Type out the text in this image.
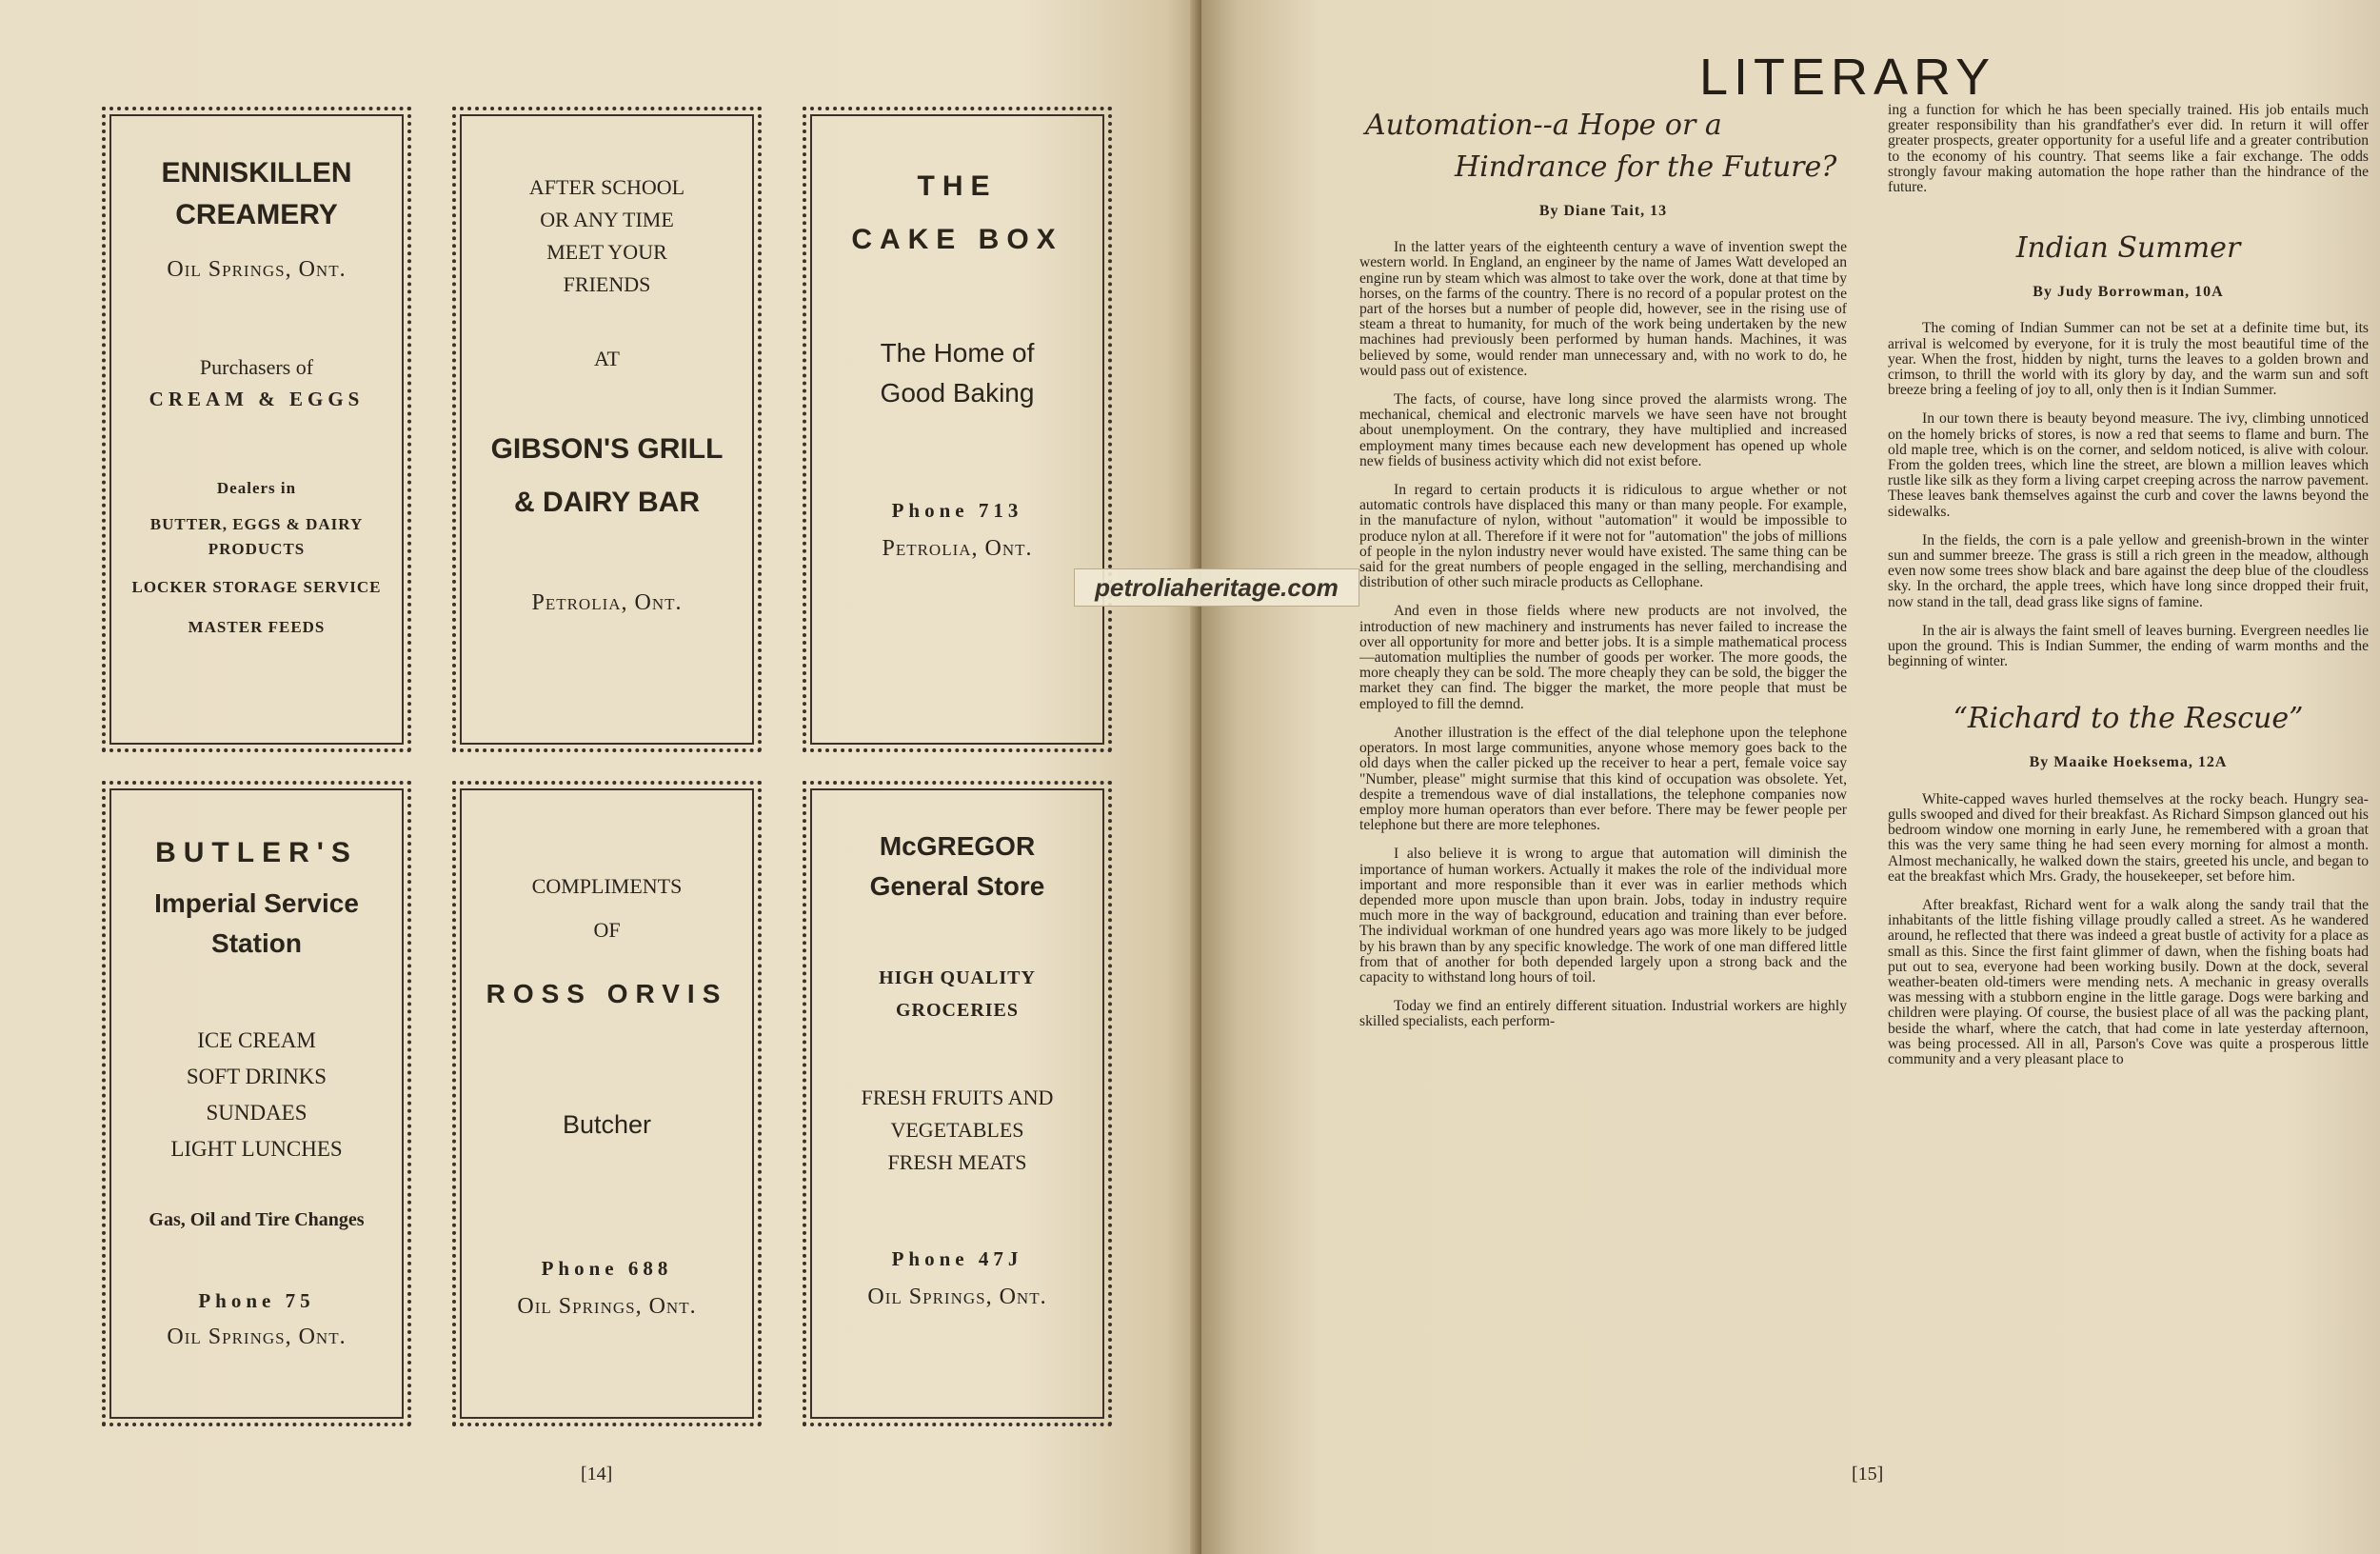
ENNISKILLEN
CREAMERY
Oil Springs, Ont.
Purchasers of
CREAM & EGGS
Dealers in
BUTTER, EGGS & DAIRY PRODUCTS
LOCKER STORAGE SERVICE
MASTER FEEDS
AFTER SCHOOL
OR ANY TIME
MEET YOUR
FRIENDS
AT
GIBSON'S GRILL
& DAIRY BAR
Petrolia, Ont.
THE
CAKE BOX
The Home of
Good Baking
Phone 713
Petrolia, Ont.
BUTLER'S
Imperial Service
Station
ICE CREAM
SOFT DRINKS
SUNDAES
LIGHT LUNCHES
Gas, Oil and Tire Changes
Phone 75
Oil Springs, Ont.
COMPLIMENTS
OF
ROSS ORVIS
Butcher
Phone 688
Oil Springs, Ont.
McGREGOR
General Store
HIGH QUALITY
GROCERIES
FRESH FRUITS AND
VEGETABLES
FRESH MEATS
Phone 47J
Oil Springs, Ont.
[14]	[15]
LITERARY
Automation--a Hope or a
Hindrance for the Future?
By Diane Tait, 13

In the latter years of the eighteenth century a wave of invention swept the western world. In England, an engineer by the name of James Watt developed an engine run by steam which was almost to take over the work, done at that time by horses, on the farms of the country. There is no record of a popular protest on the part of the horses but a number of people did, however, see in the rising use of steam a threat to humanity, for much of the work being undertaken by the new machines had previously been performed by human hands. Machines, it was believed by some, would render man unnecessary and, with no work to do, he would pass out of existence.

The facts, of course, have long since proved the alarmists wrong. The mechanical, chemical and electronic marvels we have seen have not brought about unemployment. On the contrary, they have multiplied and increased employment many times because each new development has opened up whole new fields of business activity which did not exist before.

In regard to certain products it is ridiculous to argue whether or not automatic controls have displaced this many or than many people. For example, in the manufacture of nylon, without "automation" it would be impossible to produce nylon at all. Therefore if it were not for "automation" the jobs of millions of people in the nylon industry never would have existed. The same thing can be said for the great numbers of people engaged in the selling, merchandising and distribution of other such miracle products as Cellophane.

And even in those fields where new products are not involved, the introduction of new machinery and instruments has never failed to increase the over all opportunity for more and better jobs. It is a simple mathematical process—automation multiplies the number of goods per worker. The more goods, the more cheaply they can be sold. The more cheaply they can be sold, the bigger the market they can find. The bigger the market, the more people that must be employed to fill the demnd.

Another illustration is the effect of the dial telephone upon the telephone operators. In most large communities, anyone whose memory goes back to the old days when the caller picked up the receiver to hear a pert, female voice say "Number, please" might surmise that this kind of occupation was obsolete. Yet, despite a tremendous wave of dial installations, the telephone companies now employ more human operators than ever before. There may be fewer people per telephone but there are more telephones.

I also believe it is wrong to argue that automation will diminish the importance of human workers. Actually it makes the role of the individual more important and more responsible than it ever was in earlier methods which depended more upon muscle than upon brain. Jobs, today in industry require much more in the way of background, education and training than ever before. The individual workman of one hundred years ago was more likely to be judged by his brawn than by any specific knowledge. The work of one man differed little from that of another for both depended largely upon a strong back and the capacity to withstand long hours of toil.

Today we find an entirely different situation. Industrial workers are highly skilled specialists, each perform-

ing a function for which he has been specially trained. His job entails much greater responsibility than his grandfather's ever did. In return it will offer greater prospects, greater opportunity for a useful life and a greater contribution to the economy of his country. That seems like a fair exchange. The odds strongly favour making automation the hope rather than the hindrance of the future.

Indian Summer
By Judy Borrowman, 10A

The coming of Indian Summer can not be set at a definite time but, its arrival is welcomed by everyone, for it is truly the most beautiful time of the year. When the frost, hidden by night, turns the leaves to a golden brown and crimson, to thrill the world with its glory by day, and the warm sun and soft breeze bring a feeling of joy to all, only then is it Indian Summer.

In our town there is beauty beyond measure. The ivy, climbing unnoticed on the homely bricks of stores, is now a red that seems to flame and burn. The old maple tree, which is on the corner, and seldom noticed, is alive with colour. From the golden trees, which line the street, are blown a million leaves which rustle like silk as they form a living carpet creeping across the narrow pavement. These leaves bank themselves against the curb and cover the lawns beyond the sidewalks.

In the fields, the corn is a pale yellow and greenish-brown in the winter sun and summer breeze. The grass is still a rich green in the meadow, although even now some trees show black and bare against the deep blue of the cloudless sky. In the orchard, the apple trees, which have long since dropped their fruit, now stand in the tall, dead grass like signs of famine.

In the air is always the faint smell of leaves burning. Evergreen needles lie upon the ground. This is Indian Summer, the ending of warm months and the beginning of winter.

“Richard to the Rescue”
By Maaike Hoeksema, 12A

White-capped waves hurled themselves at the rocky beach. Hungry sea-gulls swooped and dived for their breakfast. As Richard Simpson glanced out his bedroom window one morning in early June, he remembered with a groan that this was the very same thing he had seen every morning for almost a month. Almost mechanically, he walked down the stairs, greeted his uncle, and began to eat the breakfast which Mrs. Grady, the housekeeper, set before him.

After breakfast, Richard went for a walk along the sandy trail that the inhabitants of the little fishing village proudly called a street. As he wandered around, he reflected that there was indeed a great bustle of activity for a place as small as this. Since the first faint glimmer of dawn, when the fishing boats had put out to sea, everyone had been working busily. Down at the dock, several weather-beaten old-timers were mending nets. A mechanic in greasy overalls was messing with a stubborn engine in the little garage. Dogs were barking and children were playing. Of course, the busiest place of all was the packing plant, beside the wharf, where the catch, that had come in late yesterday afternoon, was being processed. All in all, Parson's Cove was quite a prosperous little community and a very pleasant place to

petroliaheritage.com
